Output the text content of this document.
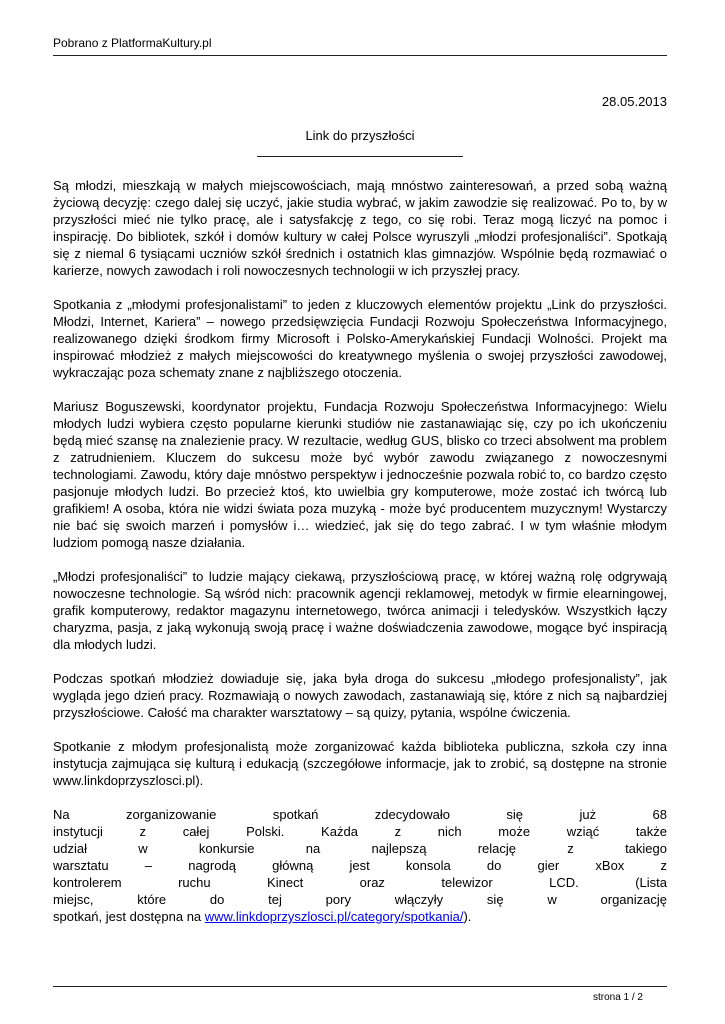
Pobrano z PlatformaKultury.pl
28.05.2013
Link do przyszłości

Są młodzi, mieszkają w małych miejscowościach, mają mnóstwo zainteresowań, a przed sobą ważną życiową decyzję: czego dalej się uczyć, jakie studia wybrać, w jakim zawodzie się realizować. Po to, by w przyszłości mieć nie tylko pracę, ale i satysfakcję z tego, co się robi. Teraz mogą liczyć na pomoc i inspirację. Do bibliotek, szkół i domów kultury w całej Polsce wyruszyli „młodzi profesjonaliści”. Spotkają się z niemal 6 tysiącami uczniów szkół średnich i ostatnich klas gimnazjów. Wspólnie będą rozmawiać o karierze, nowych zawodach i roli nowoczesnych technologii w ich przyszłej pracy.

Spotkania z „młodymi profesjonalistami” to jeden z kluczowych elementów projektu „Link do przyszłości. Młodzi, Internet, Kariera” – nowego przedsięwzięcia Fundacji Rozwoju Społeczeństwa Informacyjnego, realizowanego dzięki środkom firmy Microsoft i Polsko-Amerykańskiej Fundacji Wolności. Projekt ma inspirować młodzież z małych miejscowości do kreatywnego myślenia o swojej przyszłości zawodowej, wykraczając poza schematy znane z najbliższego otoczenia.

Mariusz Boguszewski, koordynator projektu, Fundacja Rozwoju Społeczeństwa Informacyjnego: Wielu młodych ludzi wybiera często popularne kierunki studiów nie zastanawiając się, czy po ich ukończeniu będą mieć szansę na znalezienie pracy. W rezultacie, według GUS, blisko co trzeci absolwent ma problem z zatrudnieniem. Kluczem do sukcesu może być wybór zawodu związanego z nowoczesnymi technologiami. Zawodu, który daje mnóstwo perspektyw i jednocześnie pozwala robić to, co bardzo często pasjonuje młodych ludzi. Bo przecież ktoś, kto uwielbia gry komputerowe, może zostać ich twórcą lub grafikiem! A osoba, która nie widzi świata poza muzyką - może być producentem muzycznym! Wystarczy nie bać się swoich marzeń i pomysłów i… wiedzieć, jak się do tego zabrać. I w tym właśnie młodym ludziom pomogą nasze działania.

„Młodzi profesjonaliści” to ludzie mający ciekawą, przyszłościową pracę, w której ważną rolę odgrywają nowoczesne technologie. Są wśród nich: pracownik agencji reklamowej, metodyk w firmie elearningowej, grafik komputerowy, redaktor magazynu internetowego, twórca animacji i teledysków. Wszystkich łączy charyzma, pasja, z jaką wykonują swoją pracę i ważne doświadczenia zawodowe, mogące być inspiracją dla młodych ludzi.

Podczas spotkań młodzież dowiaduje się, jaka była droga do sukcesu „młodego profesjonalisty”, jak wygląda jego dzień pracy. Rozmawiają o nowych zawodach, zastanawiają się, które z nich są najbardziej przyszłościowe. Całość ma charakter warsztatowy – są quizy, pytania, wspólne ćwiczenia.

Spotkanie z młodym profesjonalistą może zorganizować każda biblioteka publiczna, szkoła czy inna instytucja zajmująca się kulturą i edukacją (szczegółowe informacje, jak to zrobić, są dostępne na stronie www.linkdoprzyszlosci.pl).

Na zorganizowanie spotkań zdecydowało się już 68
instytucji z całej Polski. Każda z nich może wziąć także
udział w konkursie na najlepszą relację z takiego
warsztatu – nagrodą główną jest konsola do gier xBox z
kontrolerem ruchu Kinect oraz telewizor LCD. (Lista
miejsc, które do tej pory włączyły się w organizację
spotkań, jest dostępna na www.linkdoprzyszlosci.pl/category/spotkania/).

strona 1 / 2
